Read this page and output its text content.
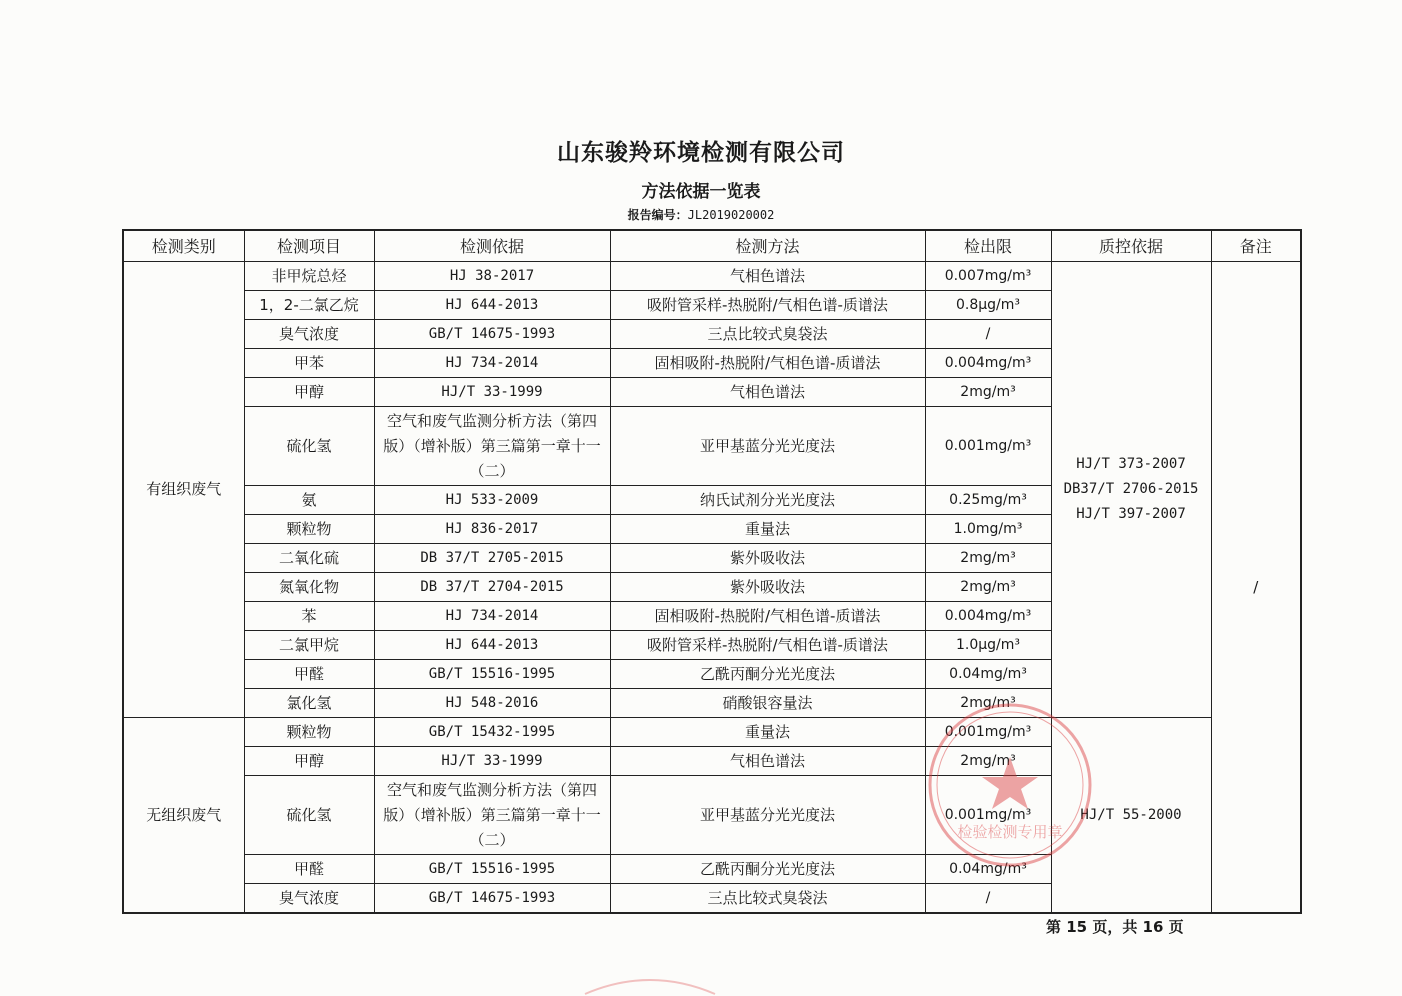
山东骏羚环境检测有限公司
方法依据一览表
报告编号：JL2019020002
检测类别	检测项目	检测依据	检测方法	检出限	质控依据	备注
有组织废气	非甲烷总烃	HJ 38-2017	气相色谱法	0.007mg/m³	HJ/T 373-2007
DB37/T 2706-2015
HJ/T 397-2007	/
	1，2-二氯乙烷	HJ 644-2013	吸附管采样-热脱附/气相色谱-质谱法	0.8μg/m³		
	臭气浓度	GB/T 14675-1993	三点比较式臭袋法	/		
	甲苯	HJ 734-2014	固相吸附-热脱附/气相色谱-质谱法	0.004mg/m³		
	甲醇	HJ/T 33-1999	气相色谱法	2mg/m³		
	硫化氢	空气和废气监测分析方法（第四版）（增补版）第三篇第一章十一（二）	亚甲基蓝分光光度法	0.001mg/m³		
	氨	HJ 533-2009	纳氏试剂分光光度法	0.25mg/m³		
	颗粒物	HJ 836-2017	重量法	1.0mg/m³		
	二氧化硫	DB 37/T 2705-2015	紫外吸收法	2mg/m³		
	氮氧化物	DB 37/T 2704-2015	紫外吸收法	2mg/m³		
	苯	HJ 734-2014	固相吸附-热脱附/气相色谱-质谱法	0.004mg/m³		
	二氯甲烷	HJ 644-2013	吸附管采样-热脱附/气相色谱-质谱法	1.0μg/m³		
	甲醛	GB/T 15516-1995	乙酰丙酮分光光度法	0.04mg/m³		
	氯化氢	HJ 548-2016	硝酸银容量法	2mg/m³		
无组织废气	颗粒物	GB/T 15432-1995	重量法	0.001mg/m³	HJ/T 55-2000	

	甲醇	HJ/T 33-1999	气相色谱法	2mg/m³		
	硫化氢	空气和废气监测分析方法（第四版）（增补版）第三篇第一章十一（二）	亚甲基蓝分光光度法	0.001mg/m³		
	甲醛	GB/T 15516-1995	乙酰丙酮分光光度法	0.04mg/m³		
	臭气浓度	GB/T 14675-1993	三点比较式臭袋法	/		
第 15 页，共 16 页
检验检测专用章
